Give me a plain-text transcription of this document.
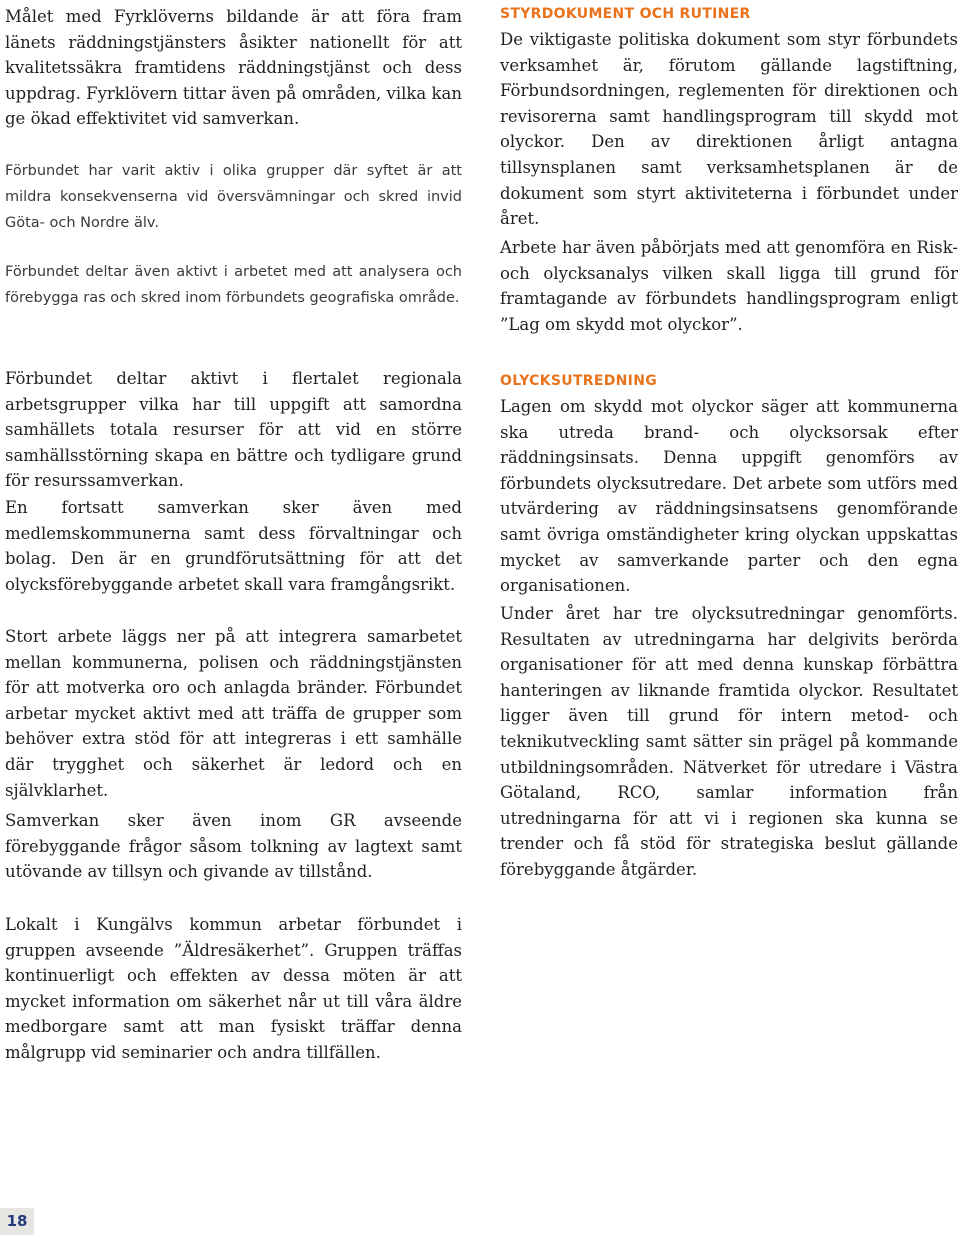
Målet med Fyrklöverns bildande är att föra fram länets räddningstjänsters åsikter nationellt för att kvalitetssäkra framtidens räddningstjänst och dess uppdrag. Fyrklövern tittar även på områden, vilka kan ge ökad effektivitet vid samverkan.

Förbundet har varit aktiv i olika grupper där syftet är att mildra konsekvenserna vid översvämningar och skred invid Göta- och Nordre älv.

Förbundet deltar även aktivt i arbetet med att analysera och förebygga ras och skred inom förbundets geografiska område.

Förbundet deltar aktivt i flertalet regionala arbetsgrupper vilka har till uppgift att samordna samhällets totala resurser för att vid en större samhällsstörning skapa en bättre och tydligare grund för resurssamverkan.

En fortsatt samverkan sker även med medlemskommunerna samt dess förvaltningar och bolag. Den är en grundförutsättning för att det olycksförebyggande arbetet skall vara framgångsrikt.

Stort arbete läggs ner på att integrera samarbetet mellan kommunerna, polisen och räddningstjänsten för att motverka oro och anlagda bränder. Förbundet arbetar mycket aktivt med att träffa de grupper som behöver extra stöd för att integreras i ett samhälle där trygghet och säkerhet är ledord och en självklarhet.

Samverkan sker även inom GR avseende förebyggande frågor såsom tolkning av lagtext samt utövande av tillsyn och givande av tillstånd.

Lokalt i Kungälvs kommun arbetar förbundet i gruppen avseende ”Äldresäkerhet”. Gruppen träffas kontinuerligt och effekten av dessa möten är att mycket information om säkerhet når ut till våra äldre medborgare samt att man fysiskt träffar denna målgrupp vid seminarier och andra tillfällen.

STYRDOKUMENT OCH RUTINER

De viktigaste politiska dokument som styr förbundets verksamhet är, förutom gällande lagstiftning, Förbundsordningen, reglementen för direktionen och revisorerna samt handlingsprogram till skydd mot olyckor. Den av direktionen årligt antagna tillsynsplanen samt verksamhetsplanen är de dokument som styrt aktiviteterna i förbundet under året.

Arbete har även påbörjats med att genomföra en Risk- och olycksanalys vilken skall ligga till grund för framtagande av förbundets handlingsprogram enligt ”Lag om skydd mot olyckor”.

OLYCKSUTREDNING

Lagen om skydd mot olyckor säger att kommunerna ska utreda brand- och olycksorsak efter räddningsinsats. Denna uppgift genomförs av förbundets olycksutredare. Det arbete som utförs med utvärdering av räddningsinsatsens genomförande samt övriga omständigheter kring olyckan uppskattas mycket av samverkande parter och den egna organisationen.

Under året har tre olycksutredningar genomförts. Resultaten av utredningarna har delgivits berörda organisationer för att med denna kunskap förbättra hanteringen av liknande framtida olyckor. Resultatet ligger även till grund för intern metod- och teknikutveckling samt sätter sin prägel på kommande utbildningsområden. Nätverket för utredare i Västra Götaland, RCO, samlar information från utredningarna för att vi i regionen ska kunna se trender och få stöd för strategiska beslut gällande förebyggande åtgärder.

18
